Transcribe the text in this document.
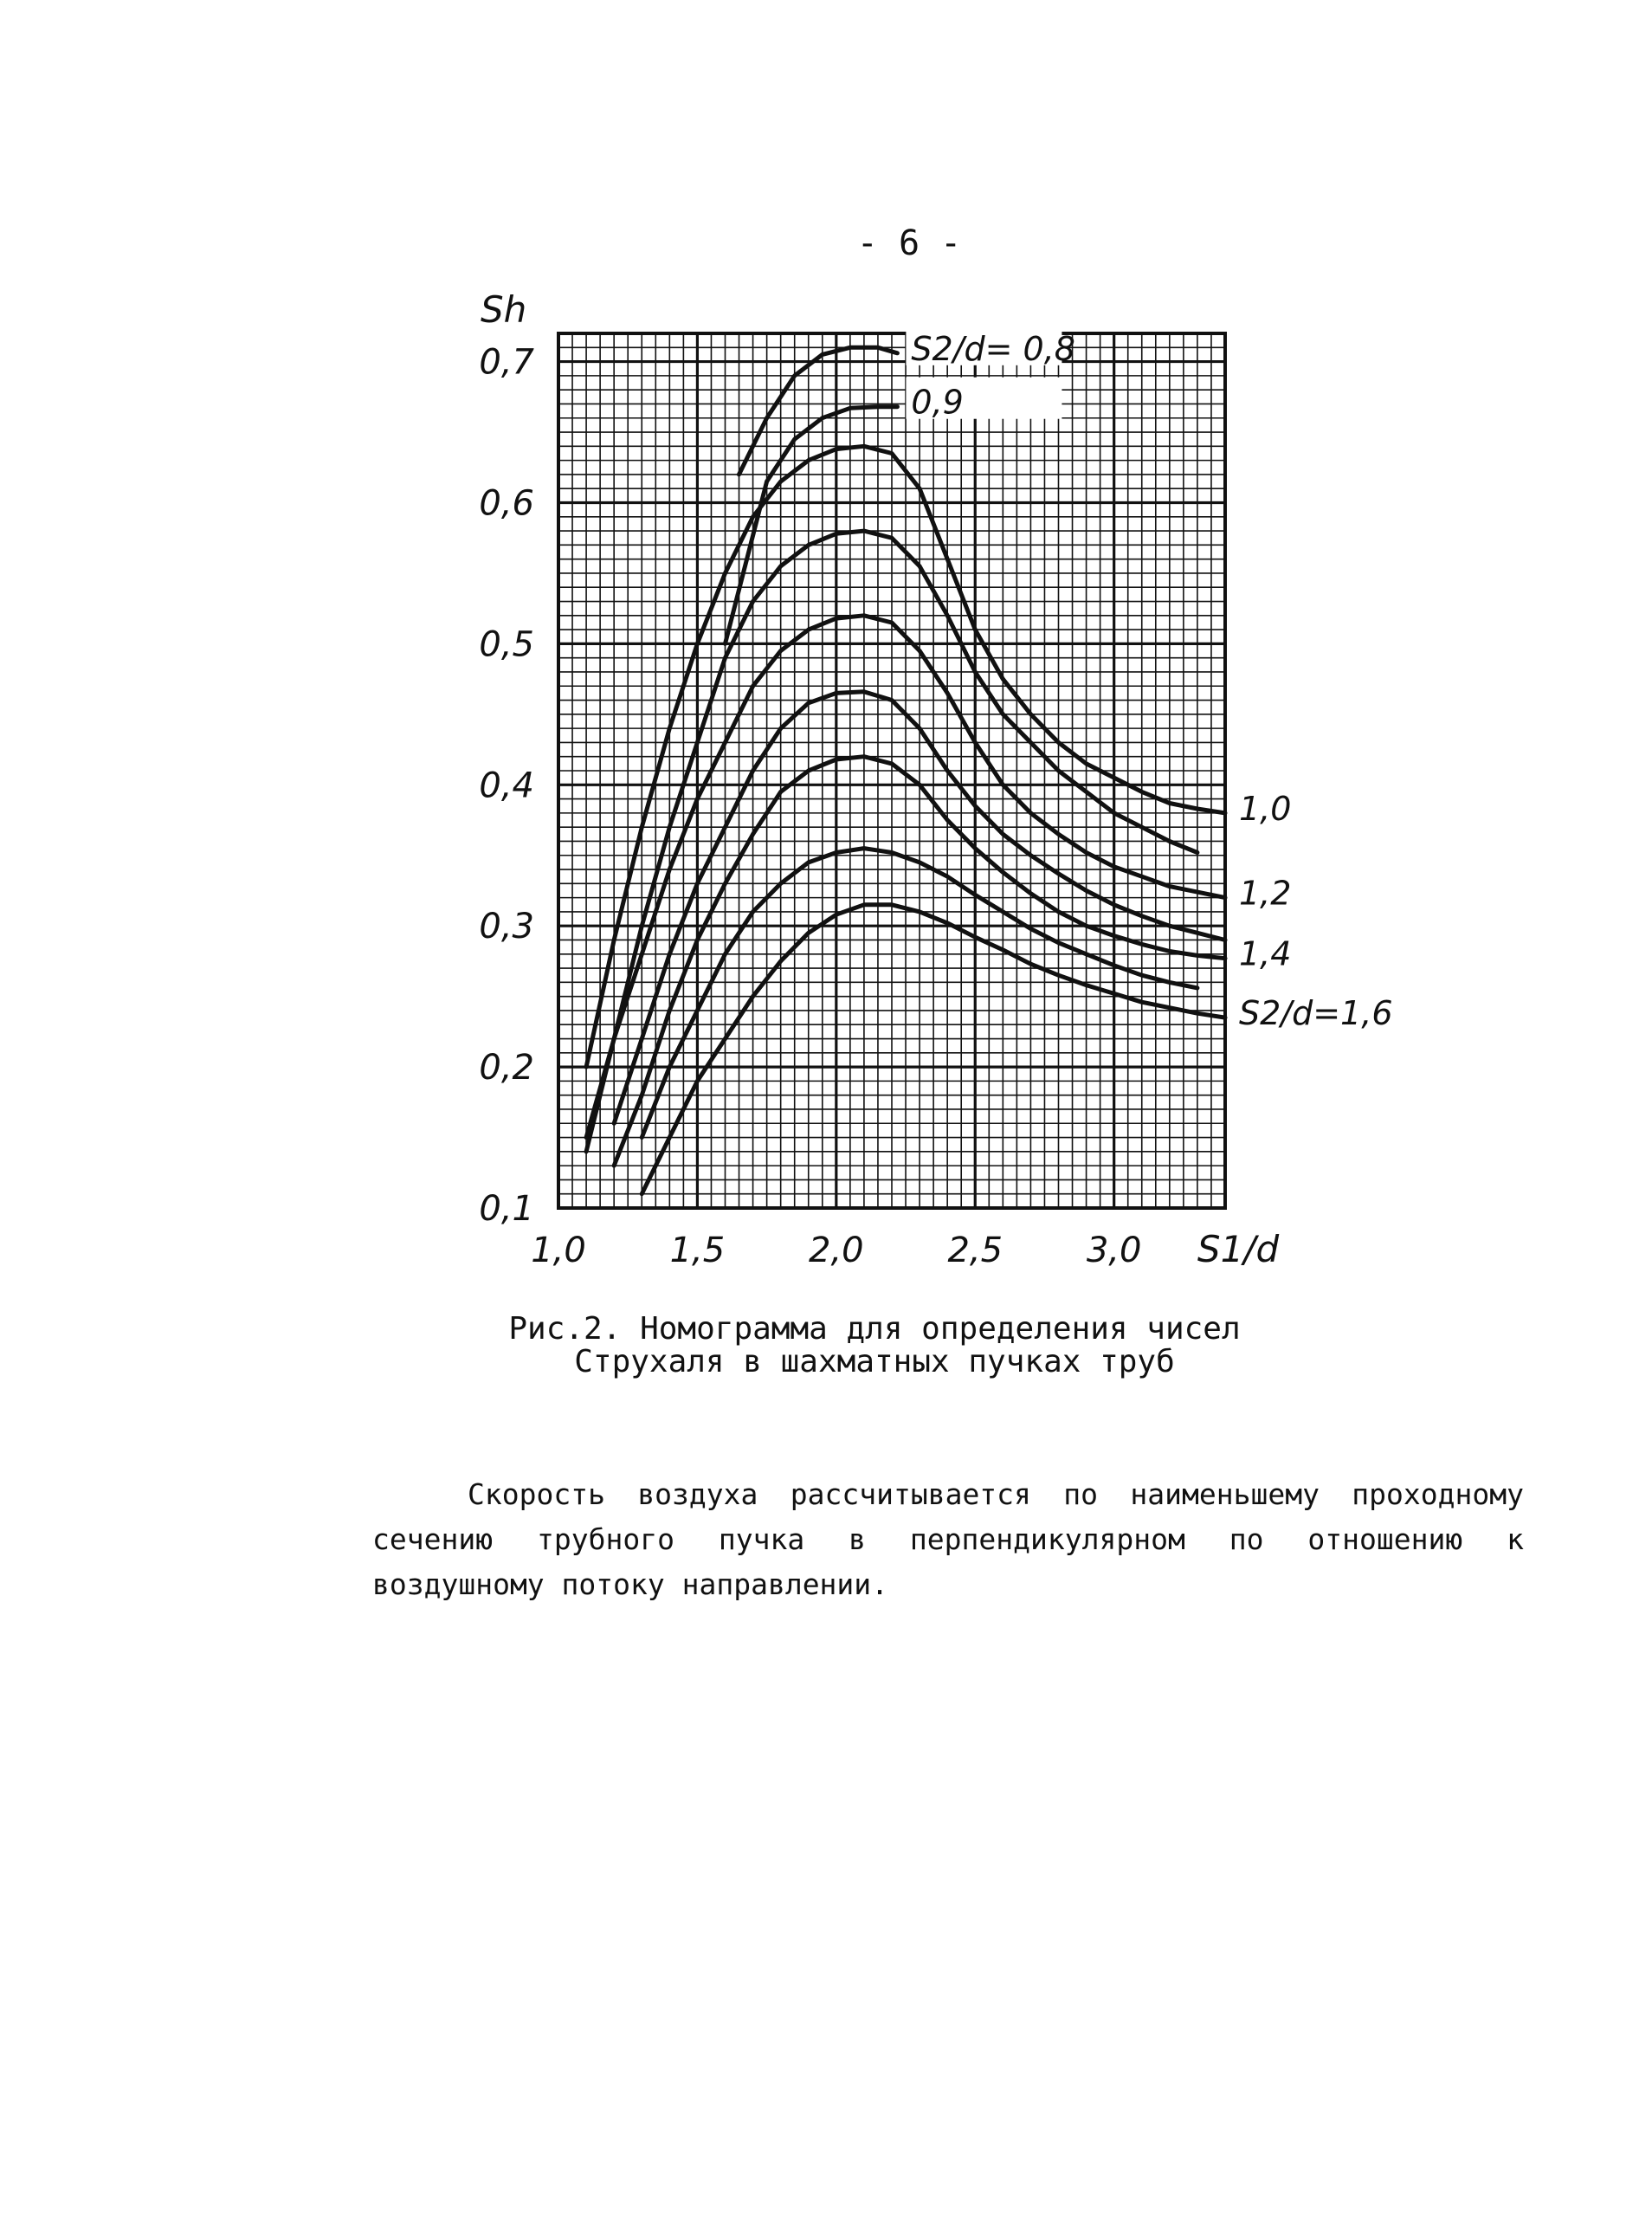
- 6 -
1,0 1,5 2,0 2,5 3,0
0,1
0,2
0,3
0,4
0,5
0,6
0,7
Sh
S1/d
S2/d= 0,8
0,9
1,0
1,2
1,4
S2/d=1,6
Рис.2. Номограмма для определения чисел Струхаля в шахматных пучках труб

Скорость воздуха рассчитывается по наименьшему проходному сечению трубного пучка в перпендикулярном по отношению к воздушному потоку направлении.
